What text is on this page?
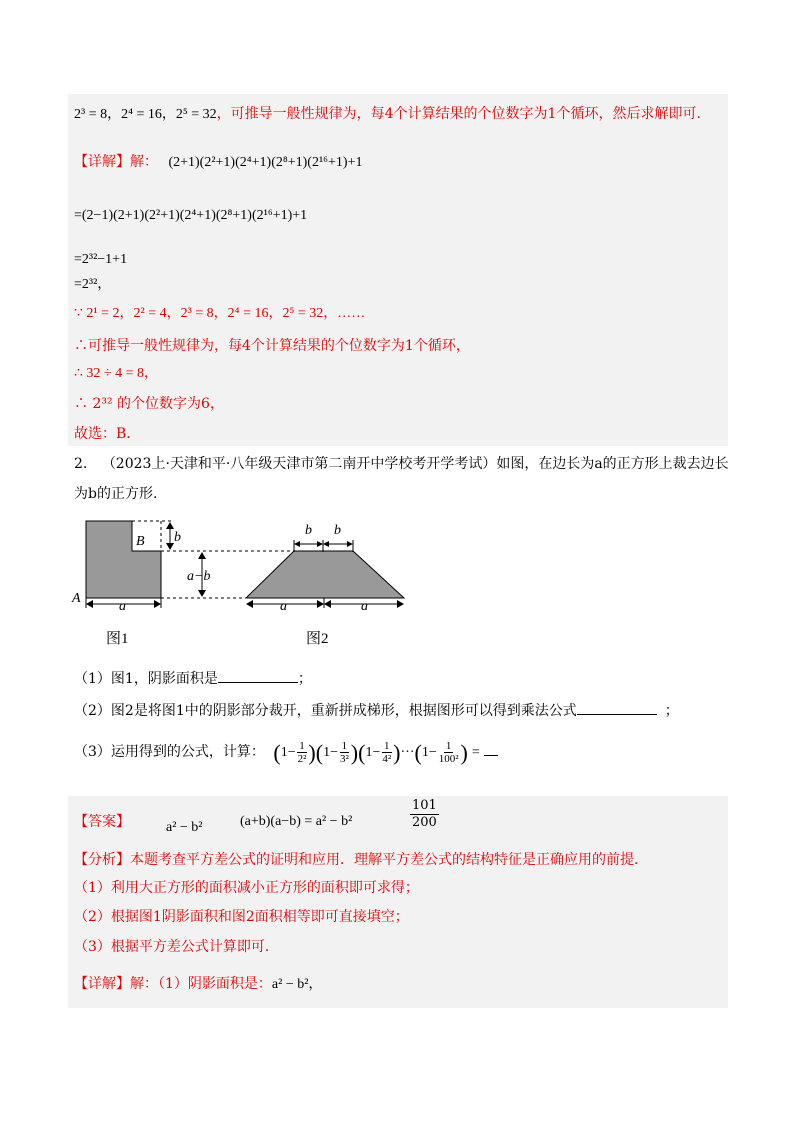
2³ = 8，2⁴ = 16，2⁵ = 32，可推导一般性规律为，每4个计算结果的个位数字为1个循环，然后求解即可.
【详解】解： (2+1)(2²+1)(2⁴+1)(2⁸+1)(2¹⁶+1)+1
=(2−1)(2+1)(2²+1)(2⁴+1)(2⁸+1)(2¹⁶+1)+1
=2³²−1+1
=2³²，
∵ 2¹ = 2，2² = 4，2³ = 8，2⁴ = 16，2⁵ = 32，……
∴可推导一般性规律为，每4个计算结果的个位数字为1个循环，
∴ 32 ÷ 4 = 8，
∴ 2³² 的个位数字为6，
故选：B．
2. （2023上·天津和平·八年级天津市第二南开中学校考开学考试）如图，在边长为a的正方形上裁去边长
为b的正方形.
B
A
b
a−b
a
b b
a	a
图1	图2
（1）图1，阴影面积是	；
（2）图2是将图1中的阴影部分裁开，重新拼成梯形，根据图形可以得到乘法公式	；
（3）运用得到的公式，计算： $(1- \frac{1}{\text{2²}} )(1- \frac{1}{\text{3²}} )(1- \frac{1}{\text{4²}} )\cdot\cdot\cdot(1- \frac{1}{\text{100²}}$ ) =
【答案】	a² − b²	(a+b)(a−b) = a² − b²	$\frac{101}{200}$
【分析】本题考查平方差公式的证明和应用．理解平方差公式的结构特征是正确应用的前提．
（1）利用大正方形的面积减小正方形的面积即可求得；
（2）根据图1阴影面积和图2面积相等即可直接填空；
（3）根据平方差公式计算即可．
【详解】解：（1）阴影面积是：a² − b²，
